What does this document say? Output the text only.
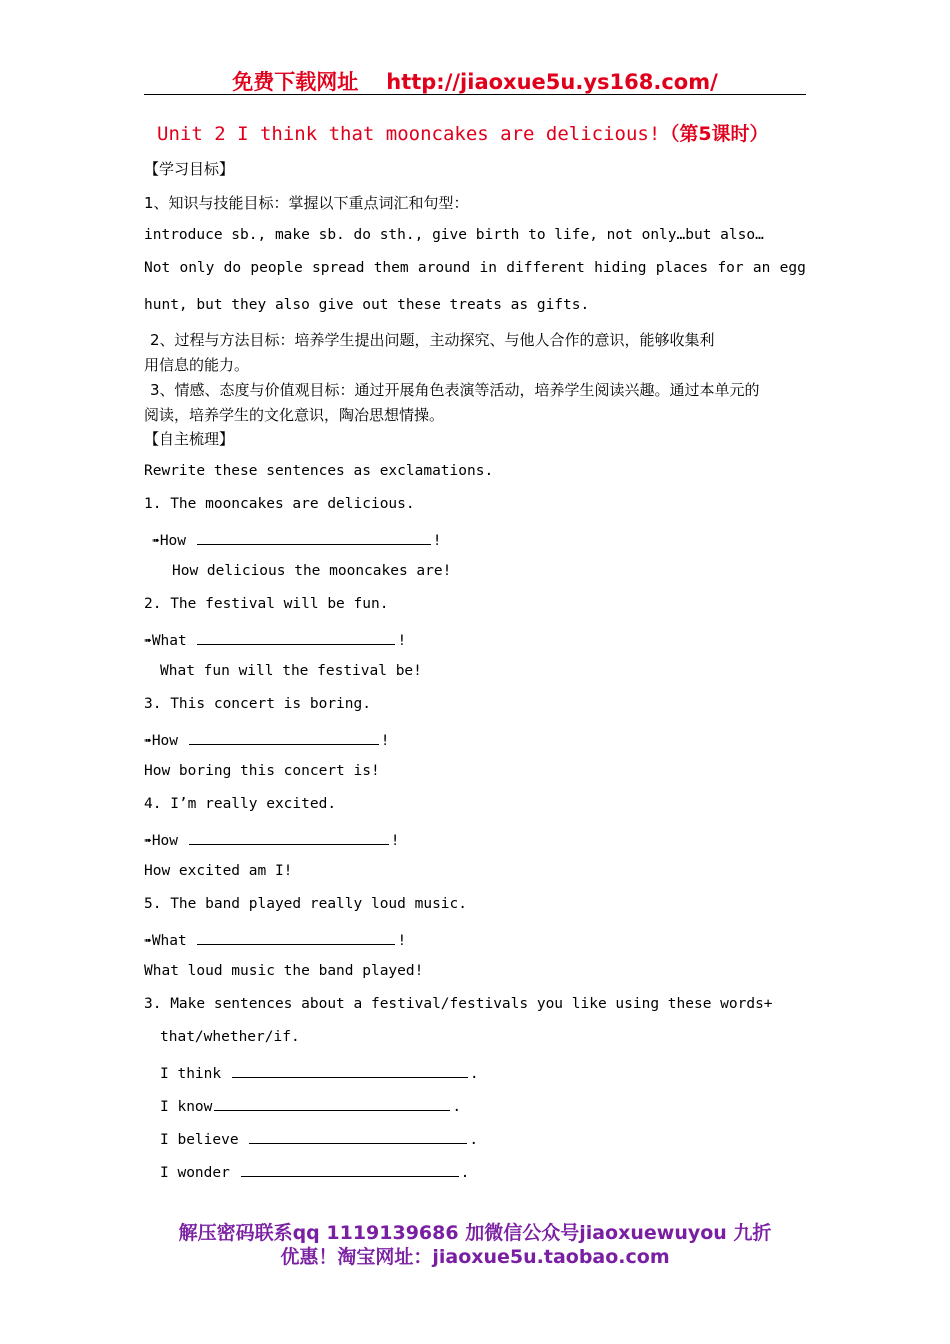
免费下载网址 http://jiaoxue5u.ys168.com/
Unit 2 I think that mooncakes are delicious!（第5课时）
【学习目标】
1、知识与技能目标：掌握以下重点词汇和句型：
introduce sb., make sb. do sth., give birth to life, not only…but also…
Not only do people spread them around in different hiding places for an egg
hunt, but they also give out these treats as gifts.
2、过程与方法目标：培养学生提出问题，主动探究、与他人合作的意识，能够收集利
用信息的能力。
3、情感、态度与价值观目标：通过开展角色表演等活动，培养学生阅读兴趣。通过本单元的
阅读，培养学生的文化意识，陶冶思想情操。
【自主梳理】
Rewrite these sentences as exclamations.
1. The mooncakes are delicious.
➠How	!
How delicious the mooncakes are!
2. The festival will be fun.
➠What	!
What fun will the festival be!
3. This concert is boring.
➠How	!
How boring this concert is!
4. I’m really excited.
➠How	!
How excited am I!
5. The band played really loud music.
➠What	!
What loud music the band played!
3. Make sentences about a festival/festivals you like using these words+
that/whether/if.
I think	.
I know	.
I believe	.
I wonder	.
解压密码联系qq 1119139686 加微信公众号jiaoxuewuyou 九折
优惠！淘宝网址：jiaoxue5u.taobao.com
